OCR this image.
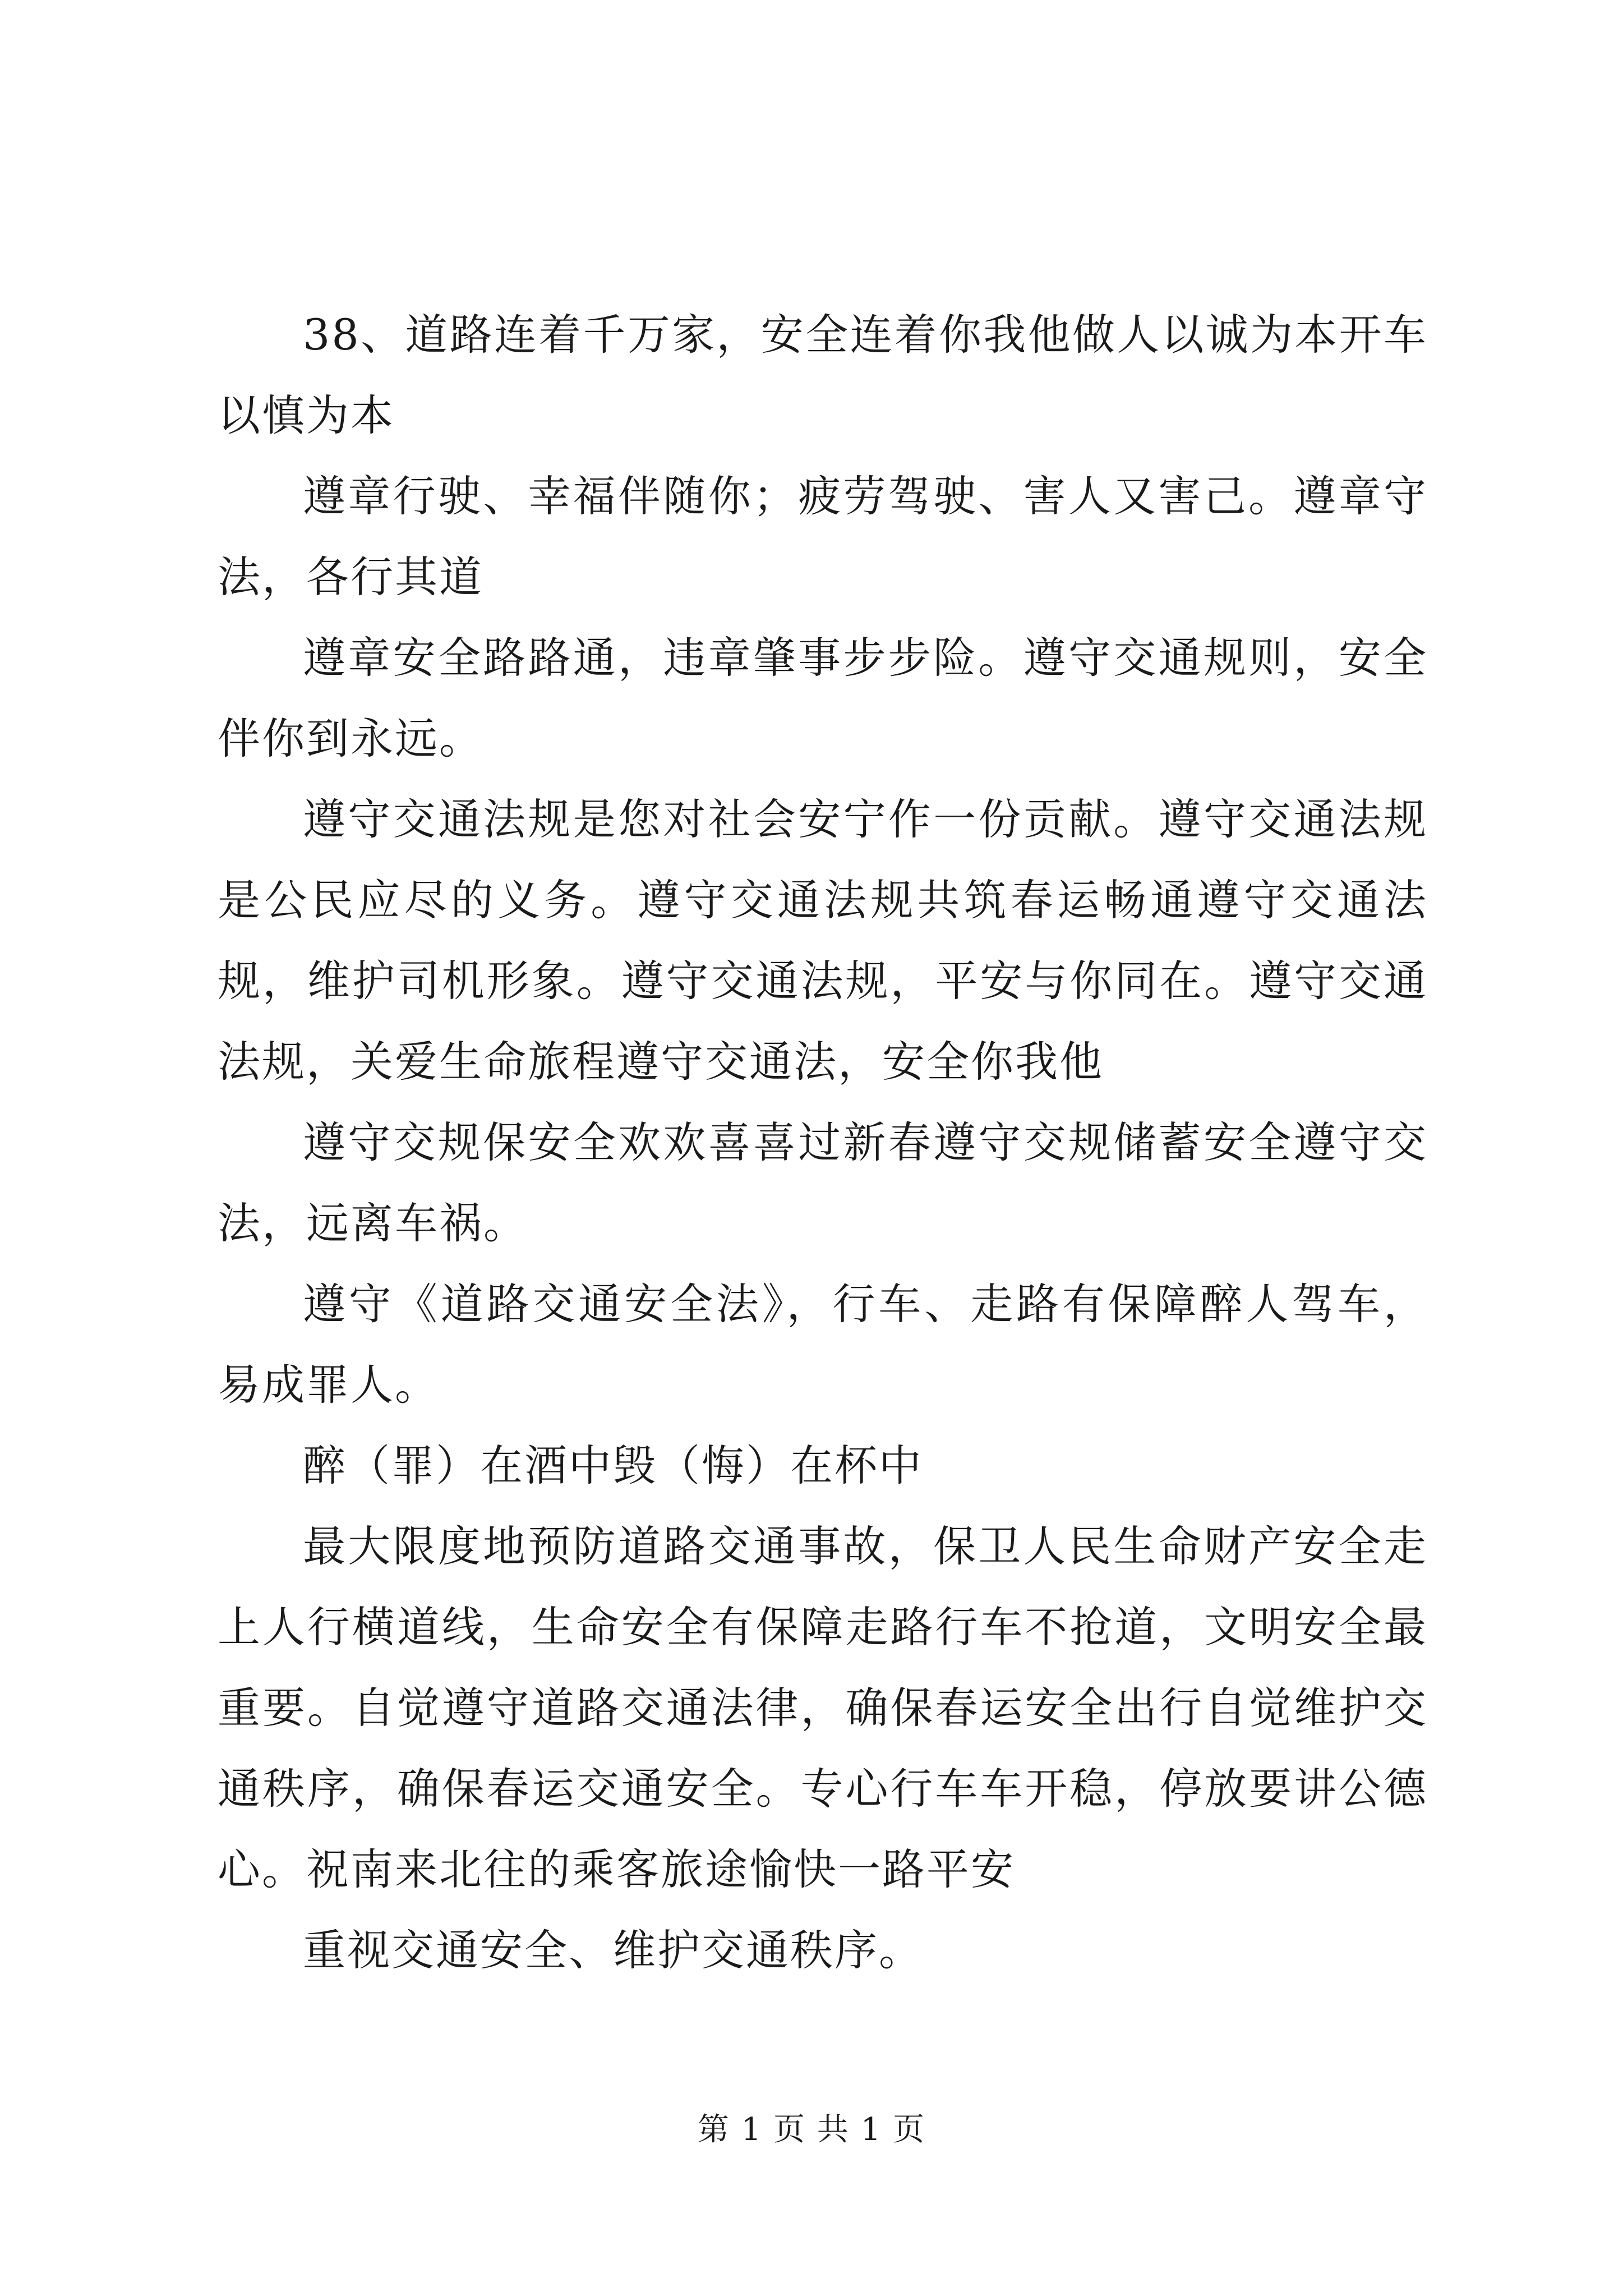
38、道路连着千万家，安全连着你我他做人以诚为本开车以慎为本

遵章行驶、幸福伴随你；疲劳驾驶、害人又害己。遵章守法，各行其道

遵章安全路路通，违章肇事步步险。遵守交通规则，安全伴你到永远。

遵守交通法规是您对社会安宁作一份贡献。遵守交通法规是公民应尽的义务。遵守交通法规共筑春运畅通遵守交通法规，维护司机形象。遵守交通法规，平安与你同在。遵守交通法规，关爱生命旅程遵守交通法，安全你我他

遵守交规保安全欢欢喜喜过新春遵守交规储蓄安全遵守交法，远离车祸。

遵守《道路交通安全法》，行车、走路有保障醉人驾车，易成罪人。

醉（罪）在酒中毁（悔）在杯中

最大限度地预防道路交通事故，保卫人民生命财产安全走上人行横道线，生命安全有保障走路行车不抢道，文明安全最重要。自觉遵守道路交通法律，确保春运安全出行自觉维护交通秩序，确保春运交通安全。专心行车车开稳，停放要讲公德心。祝南来北往的乘客旅途愉快一路平安

重视交通安全、维护交通秩序。

第 1 页 共 1 页
